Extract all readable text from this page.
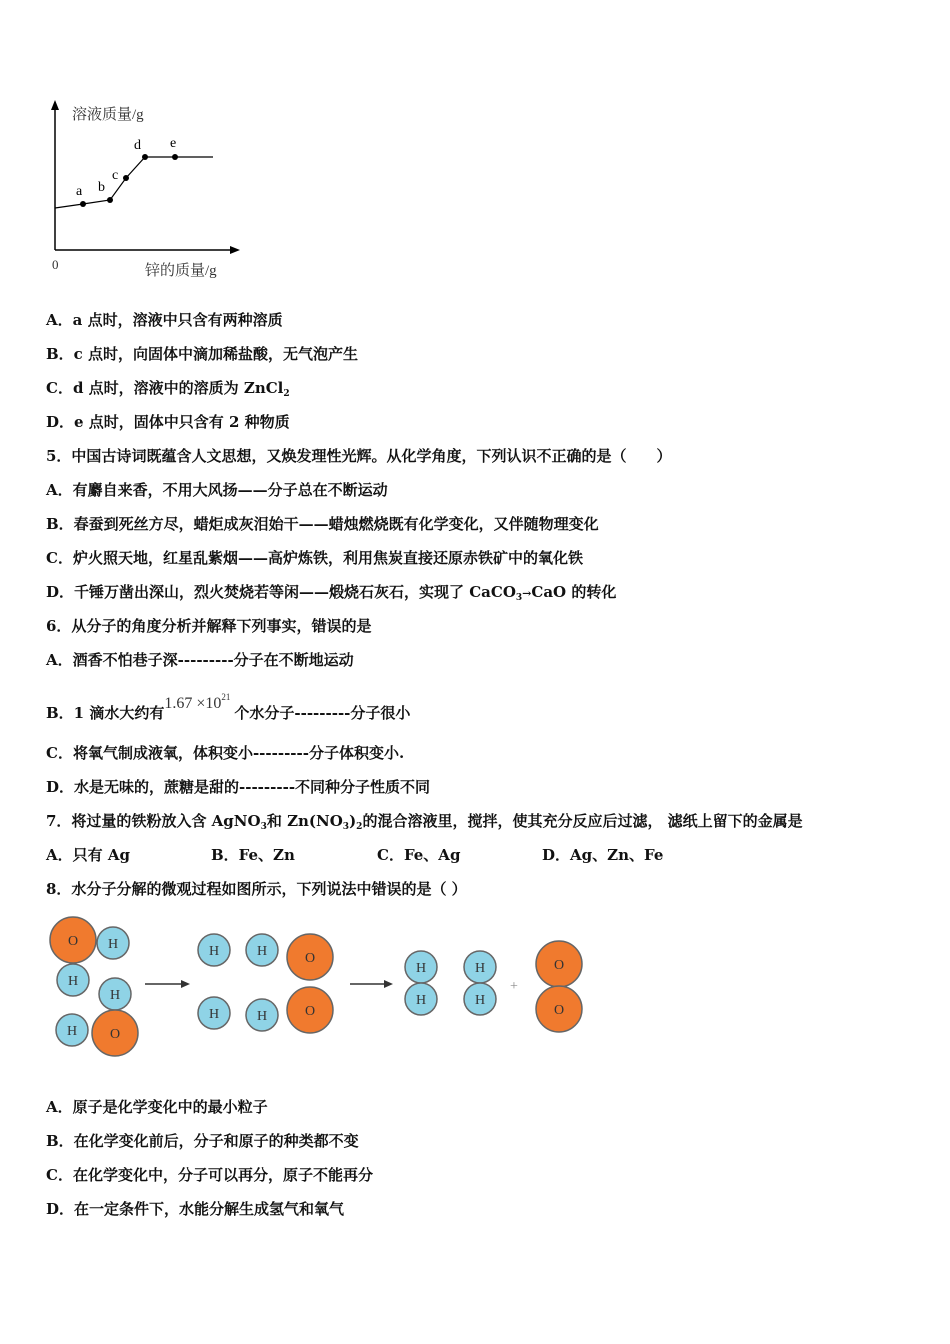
溶液质量/g
锌的质量/g
0
a b
c
d e
A．a 点时，溶液中只含有两种溶质
B．c 点时，向固体中滴加稀盐酸，无气泡产生
C．d 点时，溶液中的溶质为 ZnCl$_2$
D．e 点时，固体中只含有 2 种物质
5．中国古诗词既蕴含人文思想，又焕发理性光辉。从化学角度，下列认识不正确的是（　　）
A．有麝自来香，不用大风扬——分子总在不断运动
B．春蚕到死丝方尽，蜡炬成灰泪始干——蜡烛燃烧既有化学变化，又伴随物理变化
C．炉火照天地，红星乱紫烟——高炉炼铁，利用焦炭直接还原赤铁矿中的氧化铁
D．千锤万凿出深山，烈火焚烧若等闲——煅烧石灰石，实现了 CaCO$_3$→CaO 的转化
6．从分子的角度分析并解释下列事实，错误的是
A．酒香不怕巷子深---------分子在不断地运动
B．1 滴水大约有$1.67 \times 10^{21}$个水分子---------分子很小
C．将氧气制成液氧，体积变小---------分子体积变小.
D．水是无味的，蔗糖是甜的---------不同种分子性质不同
7．将过量的铁粉放入含 AgNO$_3$和 $Zn(NO_3)_2$的混合溶液里，搅拌，使其充分反应后过滤， 滤纸上留下的金属是
A．只有 Ag	B．Fe、Zn	C．Fe、Ag	D．Ag、Zn、Fe
8．水分子分解的微观过程如图所示，下列说法中错误的是（ ）
+
O H
H
H
H O
H	H	O
H	H	O
H
H
H
H
O
O
A．原子是化学变化中的最小粒子
B．在化学变化前后，分子和原子的种类都不变
C．在化学变化中，分子可以再分，原子不能再分
D．在一定条件下，水能分解生成氢气和氧气
